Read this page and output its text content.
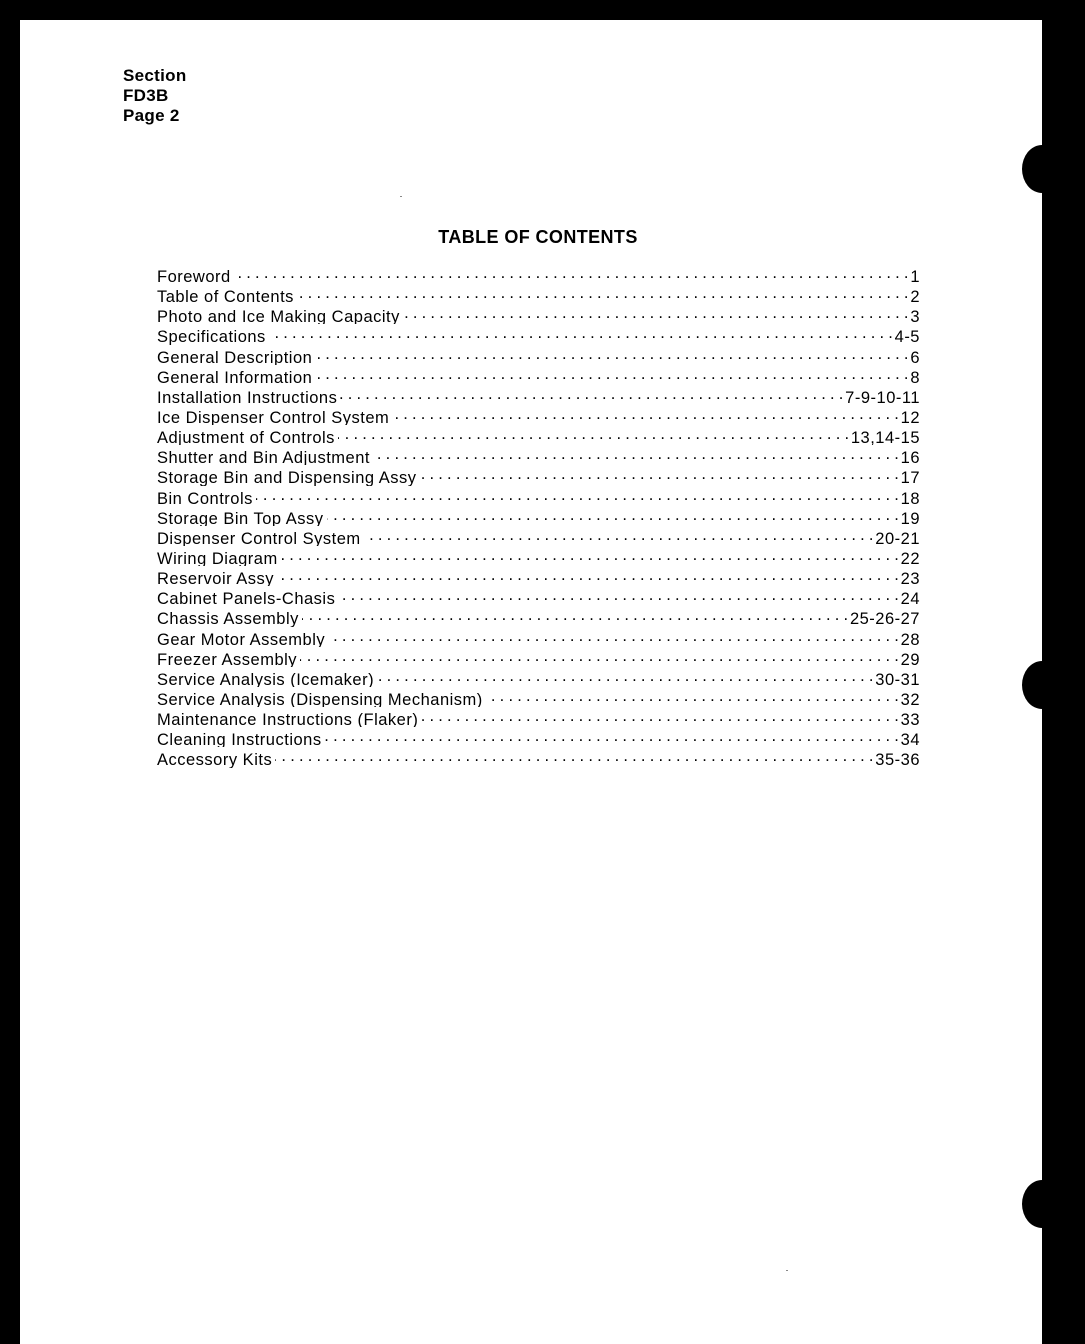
Section
FD3B
Page 2
TABLE OF CONTENTS
Foreword . . .	1
Table of Contents . . .	2
Photo and Ice Making Capacity . . .	3
Specifications . . .	4-5
General Description . . .	6
General Information . . .	8
Installation Instructions . . .	7-9-10-11
Ice Dispenser Control System . . .	12
Adjustment of Controls . . .	13,14-15
Shutter and Bin Adjustment . . .	16
Storage Bin and Dispensing Assy . . .	17
Bin Controls . . .	18
Storage Bin Top Assy . . .	19
Dispenser Control System . . .	20-21
Wiring Diagram . . .	22
Reservoir Assy . . .	23
Cabinet Panels-Chasis . . .	24
Chassis Assembly . . .	25-26-27
Gear Motor Assembly . . .	28
Freezer Assembly . . .	29
Service Analysis (Icemaker) . . .	30-31
Service Analysis (Dispensing Mechanism) . . .	32
Maintenance Instructions (Flaker) . . .	33
Cleaning Instructions . . .	34
Accessory Kits . . .	35-36
